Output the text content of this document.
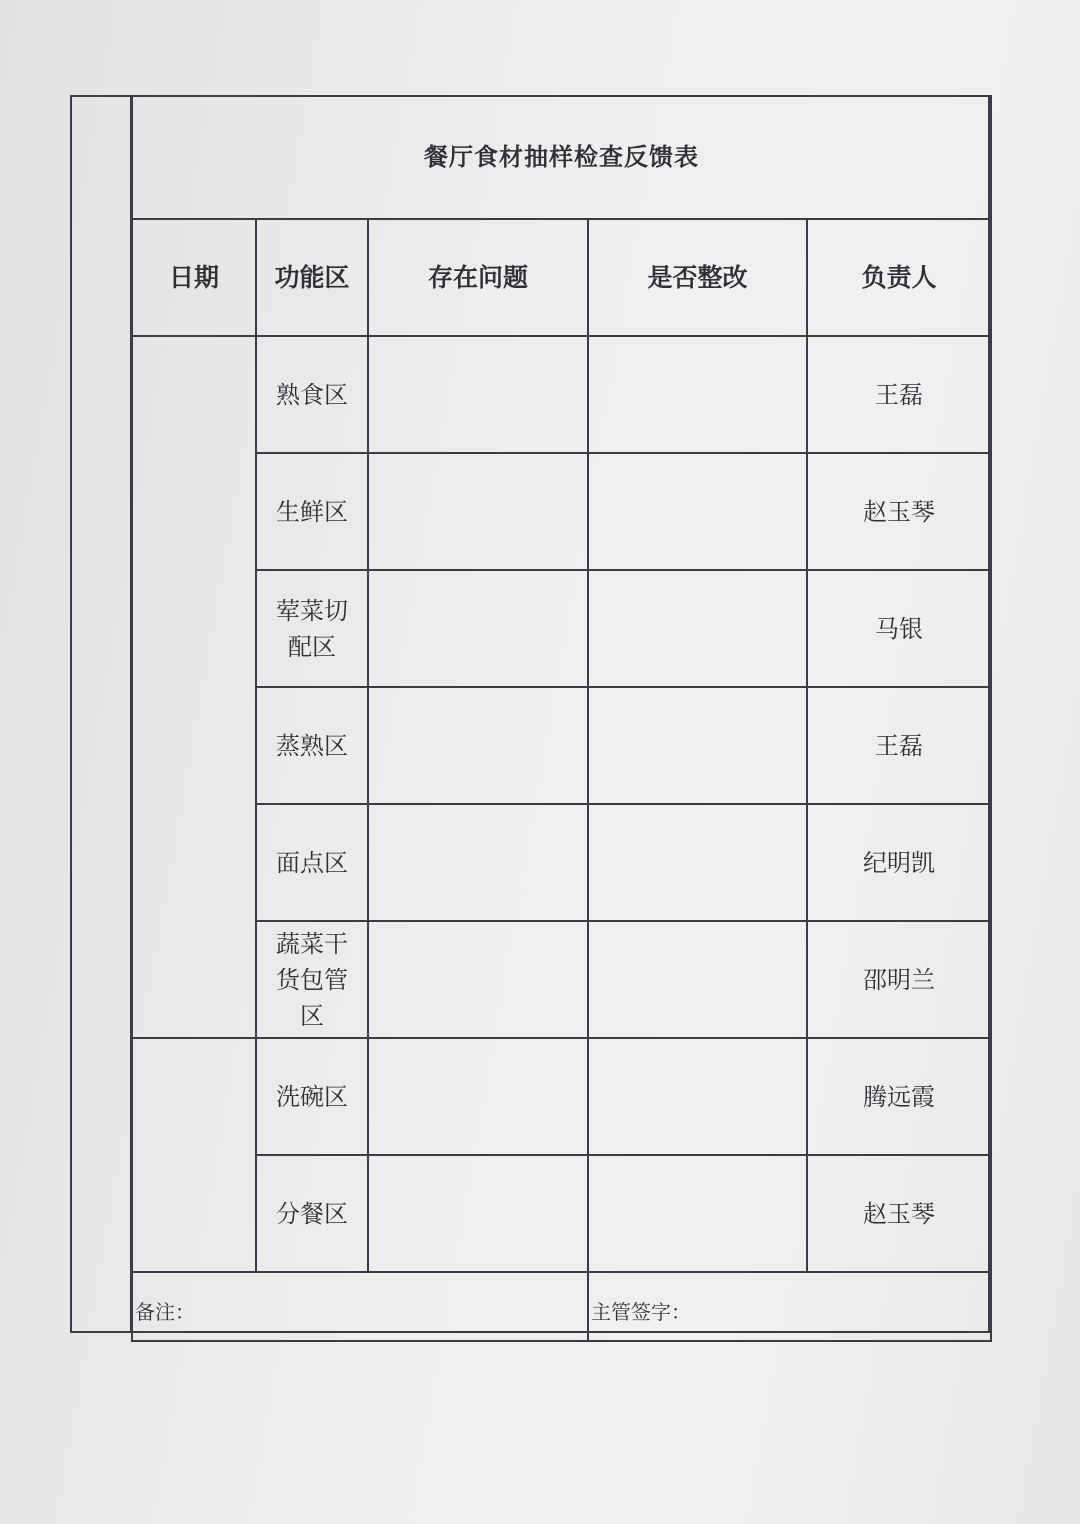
餐厅食材抽样检查反馈表				
日期	功能区	存在问题	是否整改	负责人
	熟食区			王磊
	生鲜区			赵玉琴
	荤菜切配区			马银
	蒸熟区			王磊
	面点区			纪明凯
	蔬菜干货包管区			邵明兰
	洗碗区			腾远霞
	分餐区			赵玉琴
备注：			主管签字：	
